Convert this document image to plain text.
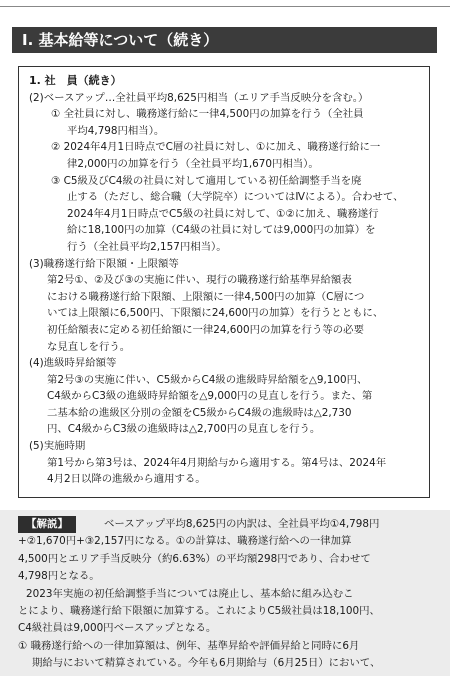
I. 基本給等について（続き）
1. 社　員（続き）
(2)ベースアップ…全社員平均8,625円相当（エリア手当反映分を含む。）
① 全社員に対し、職務遂行給に一律4,500円の加算を行う（全社員
平均4,798円相当）。
② 2024年4月1日時点でC層の社員に対し、①に加え、職務遂行給に一
律2,000円の加算を行う（全社員平均1,670円相当）。
③ C5級及びC4級の社員に対して適用している初任給調整手当を廃
止する（ただし、総合職（大学院卒）についてはⅣによる）。合わせて、
2024年4月1日時点でC5級の社員に対して、①②に加え、職務遂行
給に18,100円の加算（C4級の社員に対しては9,000円の加算）を
行う（全社員平均2,157円相当）。
(3)職務遂行給下限額・上限額等
第2号①、②及び③の実施に伴い、現行の職務遂行給基準昇給額表
における職務遂行給下限額、上限額に一律4,500円の加算（C層につ
いては上限額に6,500円、下限額に24,600円の加算）を行うとともに、
初任給額表に定める初任給額に一律24,600円の加算を行う等の必要
な見直しを行う。
(4)進級時昇給額等
第2号③の実施に伴い、C5級からC4級の進級時昇給額を△9,100円、
C4級からC3級の進級時昇給額を△9,000円の見直しを行う。また、第
二基本給の進級区分別の金額をC5級からC4級の進級時は△2,730
円、C4級からC3級の進級時は△2,700円の見直しを行う。
(5)実施時期
第1号から第3号は、2024年4月期給与から適用する。第4号は、2024年
4月2日以降の進級から適用する。
【解説】	ベースアップ平均8,625円の内訳は、全社員平均①4,798円
+②1,670円+③2,157円になる。①の計算は、職務遂行給への一律加算
4,500円とエリア手当反映分（約6.63%）の平均額298円であり、合わせて
4,798円となる。
2023年実施の初任給調整手当については廃止し、基本給に組み込むこ
とにより、職務遂行給下限額に加算する。これによりC5級社員は18,100円、
C4級社員は9,000円ベースアップとなる。
① 職務遂行給への一律加算額は、例年、基準昇給や評価昇給と同時に6月
期給与において精算されている。今年も6月期給与（6月25日）において、
